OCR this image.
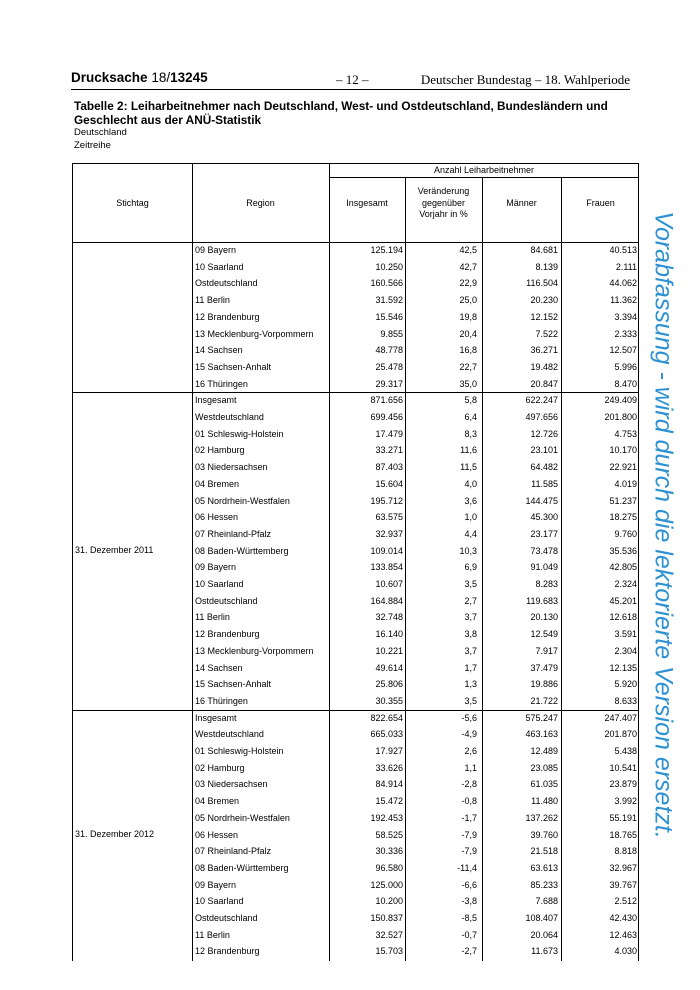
Drucksache 18/13245	– 12 –	Deutscher Bundestag – 18. Wahlperiode
Tabelle 2: Leiharbeitnehmer nach Deutschland, West- und Ostdeutschland, Bundesländern und Geschlecht aus der ANÜ-Statistik
Deutschland
Zeitreihe
Vorabfassung - wird durch die lektorierte Version ersetzt.
Anzahl Leiharbeitnehmer
Stichtag	Region	Insgesamt
Veränderung gegenüber Vorjahr in %
Männer	Frauen
09 Bayern	125.194	42,5	84.681	40.513
10 Saarland	10.250	42,7	8.139	2.111
Ostdeutschland	160.566	22,9	116.504	44.062
11 Berlin	31.592	25,0	20.230	11.362
12 Brandenburg	15.546	19,8	12.152	3.394
13 Mecklenburg-Vorpommern	9.855	20,4	7.522	2.333
14 Sachsen	48.778	16,8	36.271	12.507
15 Sachsen-Anhalt	25.478	22,7	19.482	5.996
16 Thüringen	29.317	35,0	20.847	8.470
Insgesamt	871.656	5,8	622.247	249.409
Westdeutschland	699.456	6,4	497.656	201.800
01 Schleswig-Holstein	17.479	8,3	12.726	4.753
02 Hamburg	33.271	11,6	23.101	10.170
03 Niedersachsen	87.403	11,5	64.482	22.921
04 Bremen	15.604	4,0	11.585	4.019
05 Nordrhein-Westfalen	195.712	3,6	144.475	51.237
06 Hessen	63.575	1,0	45.300	18.275
07 Rheinland-Pfalz	32.937	4,4	23.177	9.760
08 Baden-Württemberg	109.014	10,3	73.478	35.536
09 Bayern	133.854	6,9	91.049	42.805
10 Saarland	10.607	3,5	8.283	2.324
Ostdeutschland	164.884	2,7	119.683	45.201
11 Berlin	32.748	3,7	20.130	12.618
12 Brandenburg	16.140	3,8	12.549	3.591
13 Mecklenburg-Vorpommern	10.221	3,7	7.917	2.304
14 Sachsen	49.614	1,7	37.479	12.135
15 Sachsen-Anhalt	25.806	1,3	19.886	5.920
16 Thüringen	30.355	3,5	21.722	8.633
31. Dezember 2011
Insgesamt	822.654	-5,6	575.247	247.407
Westdeutschland	665.033	-4,9	463.163	201.870
01 Schleswig-Holstein	17.927	2,6	12.489	5.438
02 Hamburg	33.626	1,1	23.085	10.541
03 Niedersachsen	84.914	-2,8	61.035	23.879
04 Bremen	15.472	-0,8	11.480	3.992
05 Nordrhein-Westfalen	192.453	-1,7	137.262	55.191
06 Hessen	58.525	-7,9	39.760	18.765
07 Rheinland-Pfalz	30.336	-7,9	21.518	8.818
08 Baden-Württemberg	96.580	-11,4	63.613	32.967
09 Bayern	125.000	-6,6	85.233	39.767
10 Saarland	10.200	-3,8	7.688	2.512
Ostdeutschland	150.837	-8,5	108.407	42.430
11 Berlin	32.527	-0,7	20.064	12.463
12 Brandenburg	15.703	-2,7	11.673	4.030
31. Dezember 2012
